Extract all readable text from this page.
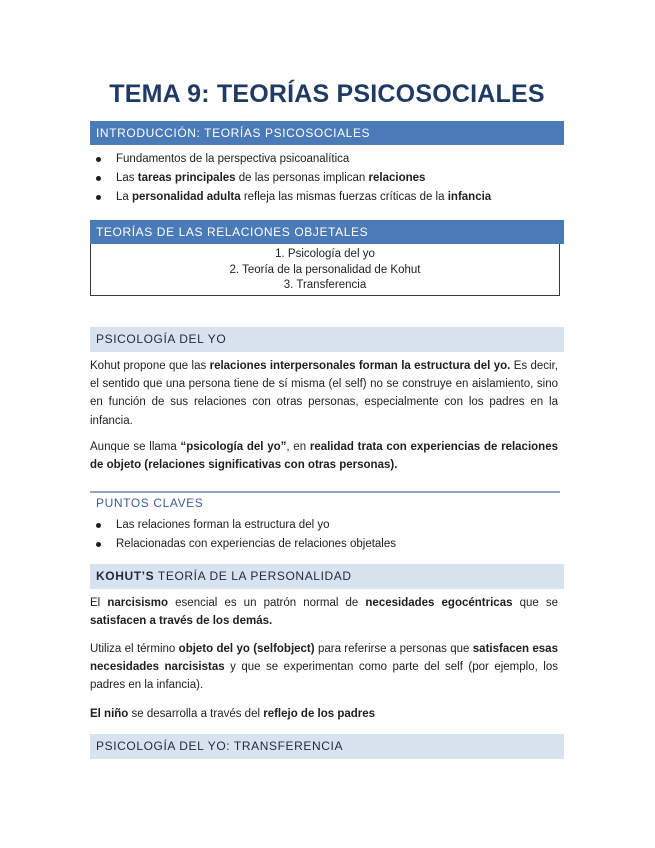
TEMA 9: TEORÍAS PSICOSOCIALES
INTRODUCCIÓN: TEORÍAS PSICOSOCIALES
Fundamentos de la perspectiva psicoanalítica
Las tareas principales de las personas implican relaciones
La personalidad adulta refleja las mismas fuerzas críticas de la infancia
TEORÍAS DE LAS RELACIONES OBJETALES
1. Psicología del yo
2. Teoría de la personalidad de Kohut
3. Transferencia
PSICOLOGÍA DEL YO

Kohut propone que las relaciones interpersonales forman la estructura del yo. Es decir, el sentido que una persona tiene de sí misma (el self) no se construye en aislamiento, sino en función de sus relaciones con otras personas, especialmente con los padres en la infancia.

Aunque se llama “psicología del yo”, en realidad trata con experiencias de relaciones de objeto (relaciones significativas con otras personas).

PUNTOS CLAVES
Las relaciones forman la estructura del yo
Relacionadas con experiencias de relaciones objetales
KOHUT’S TEORÍA DE LA PERSONALIDAD

El narcisismo esencial es un patrón normal de necesidades egocéntricas que se satisfacen a través de los demás.

Utiliza el término objeto del yo (selfobject) para referirse a personas que satisfacen esas necesidades narcisistas y que se experimentan como parte del self (por ejemplo, los padres en la infancia).

El niño se desarrolla a través del reflejo de los padres

PSICOLOGÍA DEL YO: TRANSFERENCIA
